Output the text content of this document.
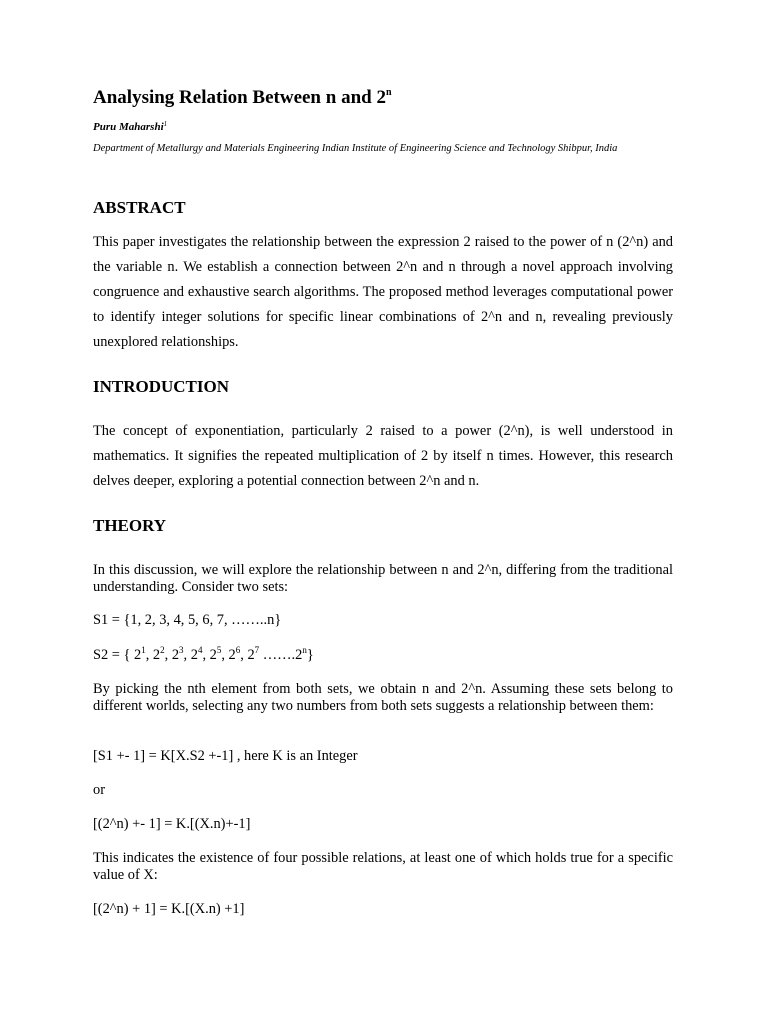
Analysing Relation Between n and 2$^n$
Puru Maharshi$^1$
Department of Metallurgy and Materials Engineering Indian Institute of Engineering Science and Technology Shibpur, India
ABSTRACT

This paper investigates the relationship between the expression 2 raised to the power of n (2^n) and the variable n. We establish a connection between 2^n and n through a novel approach involving congruence and exhaustive search algorithms. The proposed method leverages computational power to identify integer solutions for specific linear combinations of 2^n and n, revealing previously unexplored relationships.

INTRODUCTION

The concept of exponentiation, particularly 2 raised to a power (2^n), is well understood in mathematics. It signifies the repeated multiplication of 2 by itself n times. However, this research delves deeper, exploring a potential connection between 2^n and n.

THEORY

In this discussion, we will explore the relationship between n and 2^n, differing from the traditional understanding. Consider two sets:

S1 = {1, 2, 3, 4, 5, 6, 7, ……..n}
S2 = { $2^1$, $2^2$, $2^3$, $2^4$, $2^5$, $2^6$, $2^7$ …….2$^n$}

By picking the nth element from both sets, we obtain n and 2^n. Assuming these sets belong to different worlds, selecting any two numbers from both sets suggests a relationship between them:

[S1 +- 1] = K[X.S2 +-1] , here K is an Integer
or
[(2^n) +- 1] = K.[(X.n)+-1]

This indicates the existence of four possible relations, at least one of which holds true for a specific value of X:

[(2^n) + 1] = K.[(X.n) +1]
